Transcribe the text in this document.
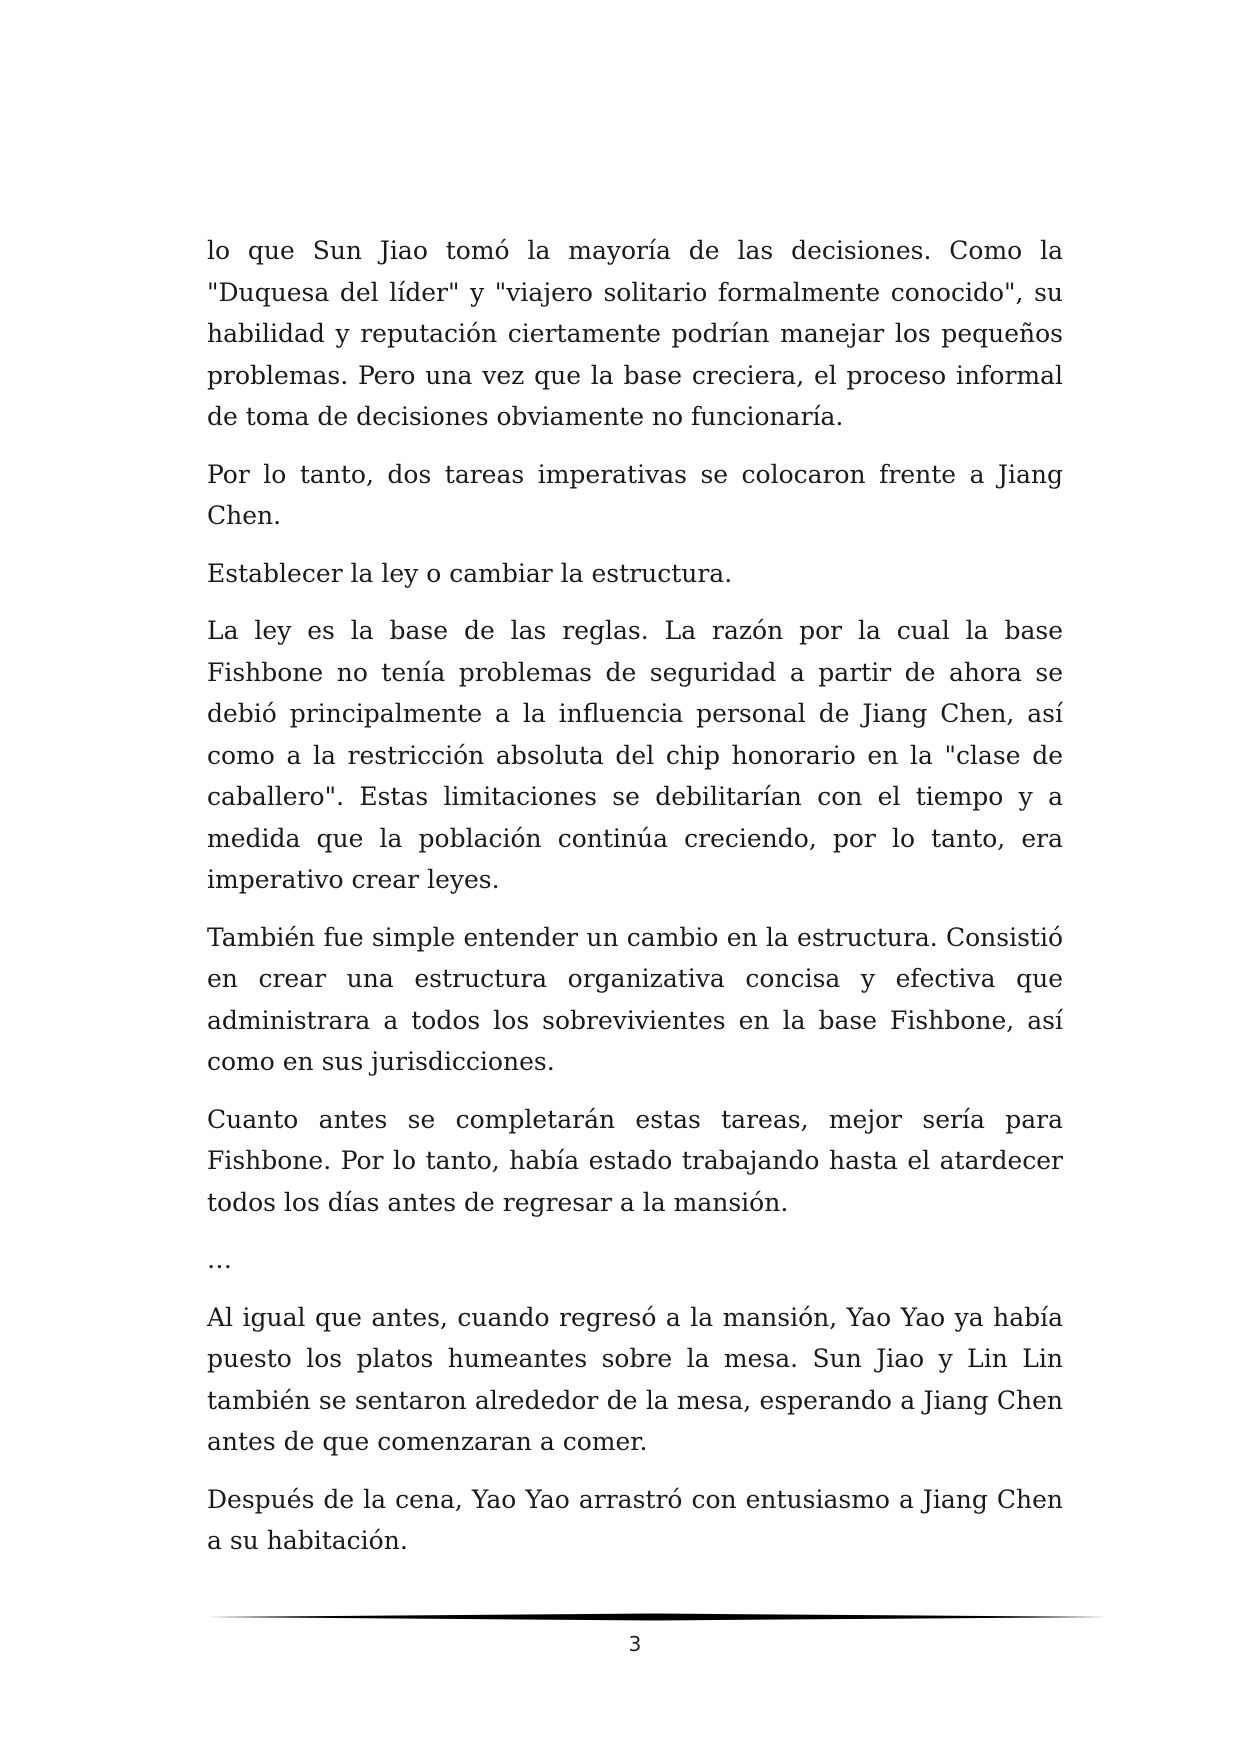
lo que Sun Jiao tomó la mayoría de las decisiones. Como la "Duquesa del líder" y "viajero solitario formalmente conocido", su habilidad y reputación ciertamente podrían manejar los pequeños problemas. Pero una vez que la base creciera, el proceso informal de toma de decisiones obviamente no funcionaría.

Por lo tanto, dos tareas imperativas se colocaron frente a Jiang Chen.

Establecer la ley o cambiar la estructura.

La ley es la base de las reglas. La razón por la cual la base Fishbone no tenía problemas de seguridad a partir de ahora se debió principalmente a la influencia personal de Jiang Chen, así como a la restricción absoluta del chip honorario en la "clase de caballero". Estas limitaciones se debilitarían con el tiempo y a medida que la población continúa creciendo, por lo tanto, era imperativo crear leyes.

También fue simple entender un cambio en la estructura. Consistió en crear una estructura organizativa concisa y efectiva que administrara a todos los sobrevivientes en la base Fishbone, así como en sus jurisdicciones.

Cuanto antes se completarán estas tareas, mejor sería para Fishbone. Por lo tanto, había estado trabajando hasta el atardecer todos los días antes de regresar a la mansión.

…

Al igual que antes, cuando regresó a la mansión, Yao Yao ya había puesto los platos humeantes sobre la mesa. Sun Jiao y Lin Lin también se sentaron alrededor de la mesa, esperando a Jiang Chen antes de que comenzaran a comer.

Después de la cena, Yao Yao arrastró con entusiasmo a Jiang Chen a su habitación.

3
